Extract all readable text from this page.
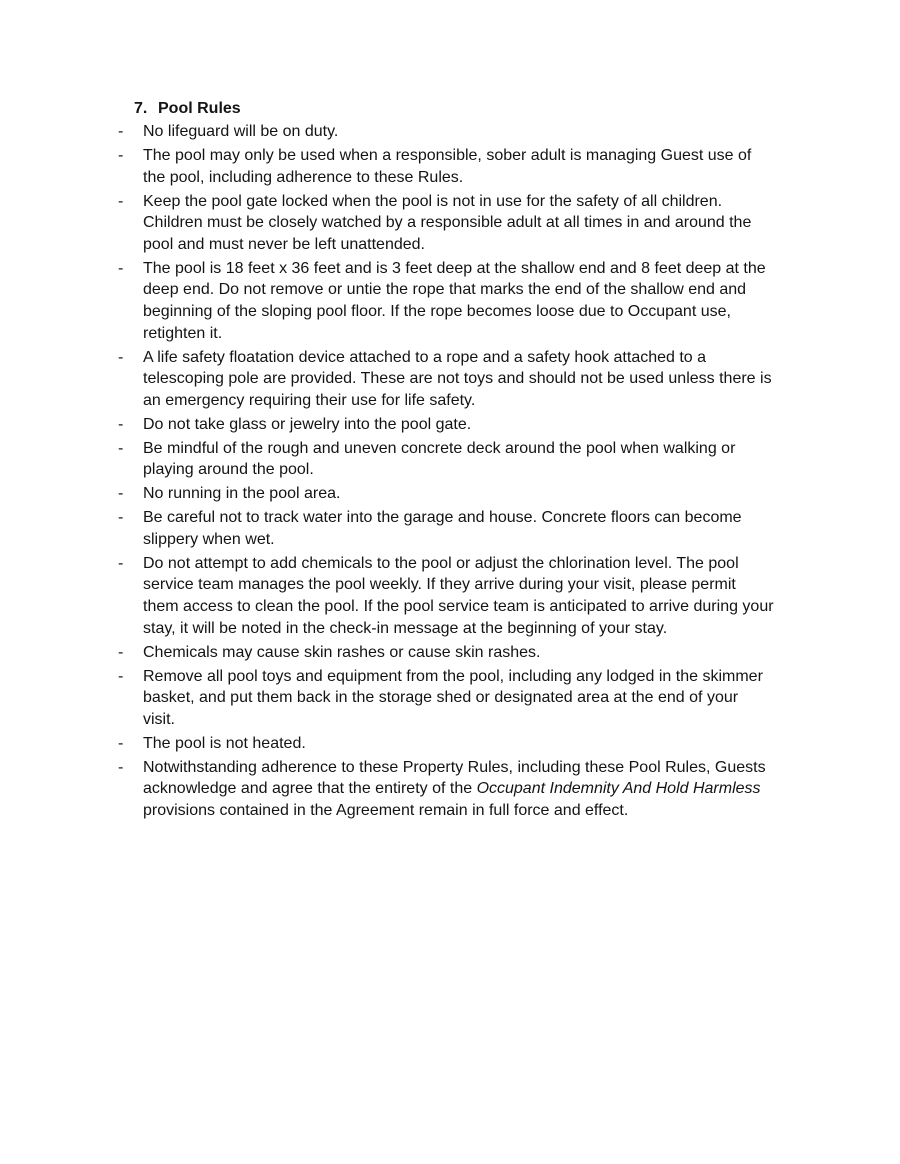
7. Pool Rules
-	No lifeguard will be on duty.
-	The pool may only be used when a responsible, sober adult is managing Guest use of the pool, including adherence to these Rules.
-	Keep the pool gate locked when the pool is not in use for the safety of all children. Children must be closely watched by a responsible adult at all times in and around the pool and must never be left unattended.
-	The pool is 18 feet x 36 feet and is 3 feet deep at the shallow end and 8 feet deep at the deep end. Do not remove or untie the rope that marks the end of the shallow end and beginning of the sloping pool floor. If the rope becomes loose due to Occupant use, retighten it.
-	A life safety floatation device attached to a rope and a safety hook attached to a telescoping pole are provided. These are not toys and should not be used unless there is an emergency requiring their use for life safety.
-	Do not take glass or jewelry into the pool gate.
-	Be mindful of the rough and uneven concrete deck around the pool when walking or playing around the pool.
-	No running in the pool area.
-	Be careful not to track water into the garage and house. Concrete floors can become slippery when wet.
-	Do not attempt to add chemicals to the pool or adjust the chlorination level. The pool service team manages the pool weekly. If they arrive during your visit, please permit them access to clean the pool. If the pool service team is anticipated to arrive during your stay, it will be noted in the check-in message at the beginning of your stay.
-	Chemicals may cause skin rashes or cause skin rashes.
-	Remove all pool toys and equipment from the pool, including any lodged in the skimmer basket, and put them back in the storage shed or designated area at the end of your visit.
-	The pool is not heated.
-	Notwithstanding adherence to these Property Rules, including these Pool Rules, Guests acknowledge and agree that the entirety of the Occupant Indemnity And Hold Harmless provisions contained in the Agreement remain in full force and effect.
